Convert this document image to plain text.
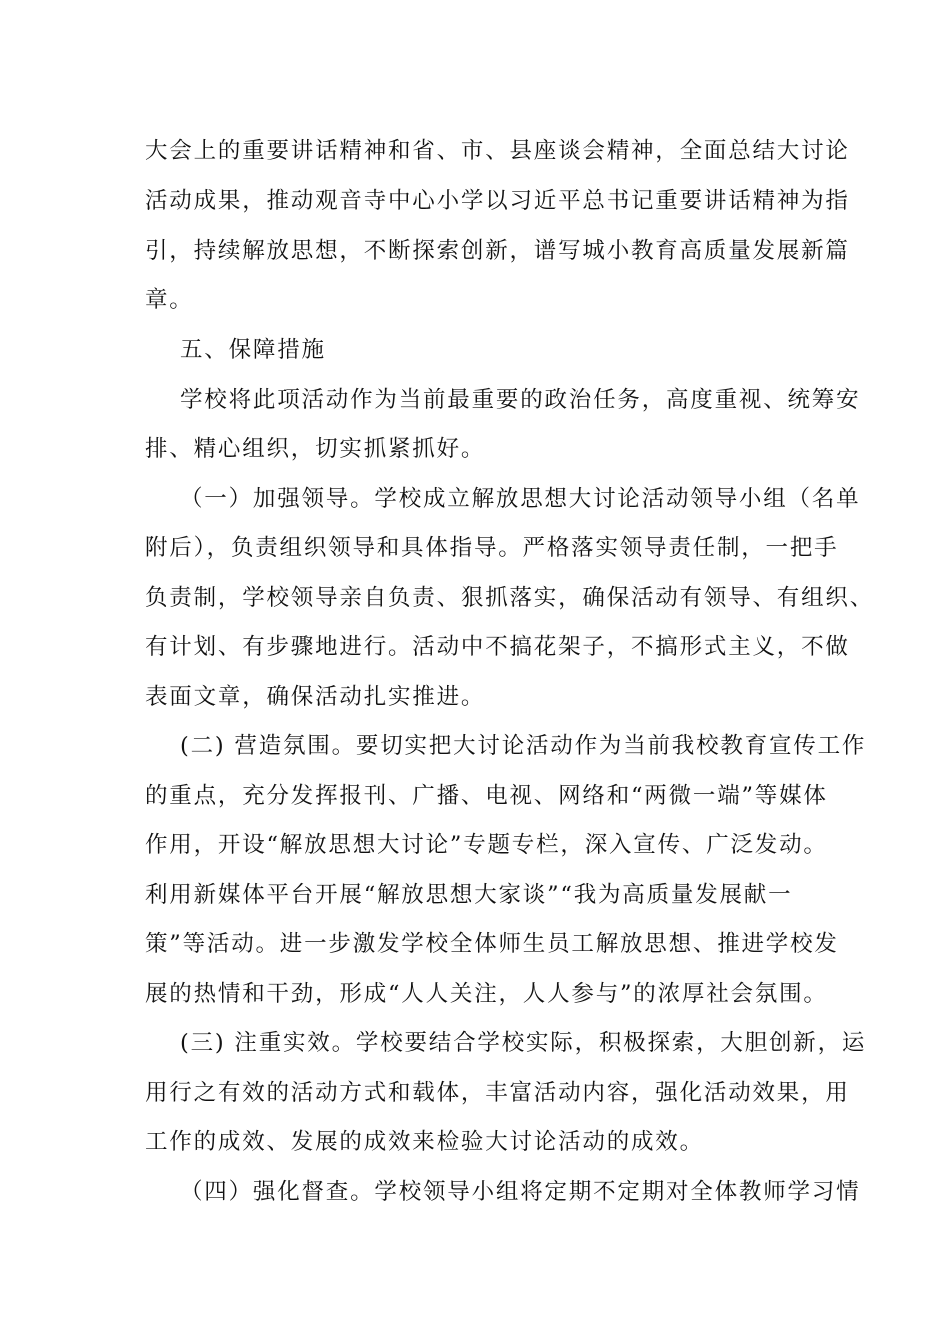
大会上的重要讲话精神和省、市、县座谈会精神，全面总结大讨论
活动成果，推动观音寺中心小学以习近平总书记重要讲话精神为指
引，持续解放思想，不断探索创新，谱写城小教育高质量发展新篇
章。
五、保障措施
学校将此项活动作为当前最重要的政治任务，高度重视、统筹安
排、精心组织，切实抓紧抓好。
（一）加强领导。学校成立解放思想大讨论活动领导小组（名单
附后），负责组织领导和具体指导。严格落实领导责任制，一把手
负责制，学校领导亲自负责、狠抓落实，确保活动有领导、有组织、
有计划、有步骤地进行。活动中不搞花架子，不搞形式主义，不做
表面文章，确保活动扎实推进。
(二) 营造氛围。要切实把大讨论活动作为当前我校教育宣传工作
的重点，充分发挥报刊、广播、电视、网络和“两微一端”等媒体
作用，开设“解放思想大讨论”专题专栏，深入宣传、广泛发动。
利用新媒体平台开展“解放思想大家谈”“我为高质量发展献一
策”等活动。进一步激发学校全体师生员工解放思想、推进学校发
展的热情和干劲，形成“人人关注，人人参与”的浓厚社会氛围。
(三) 注重实效。学校要结合学校实际，积极探索，大胆创新，运
用行之有效的活动方式和载体，丰富活动内容，强化活动效果，用
工作的成效、发展的成效来检验大讨论活动的成效。
（四）强化督查。学校领导小组将定期不定期对全体教师学习情
